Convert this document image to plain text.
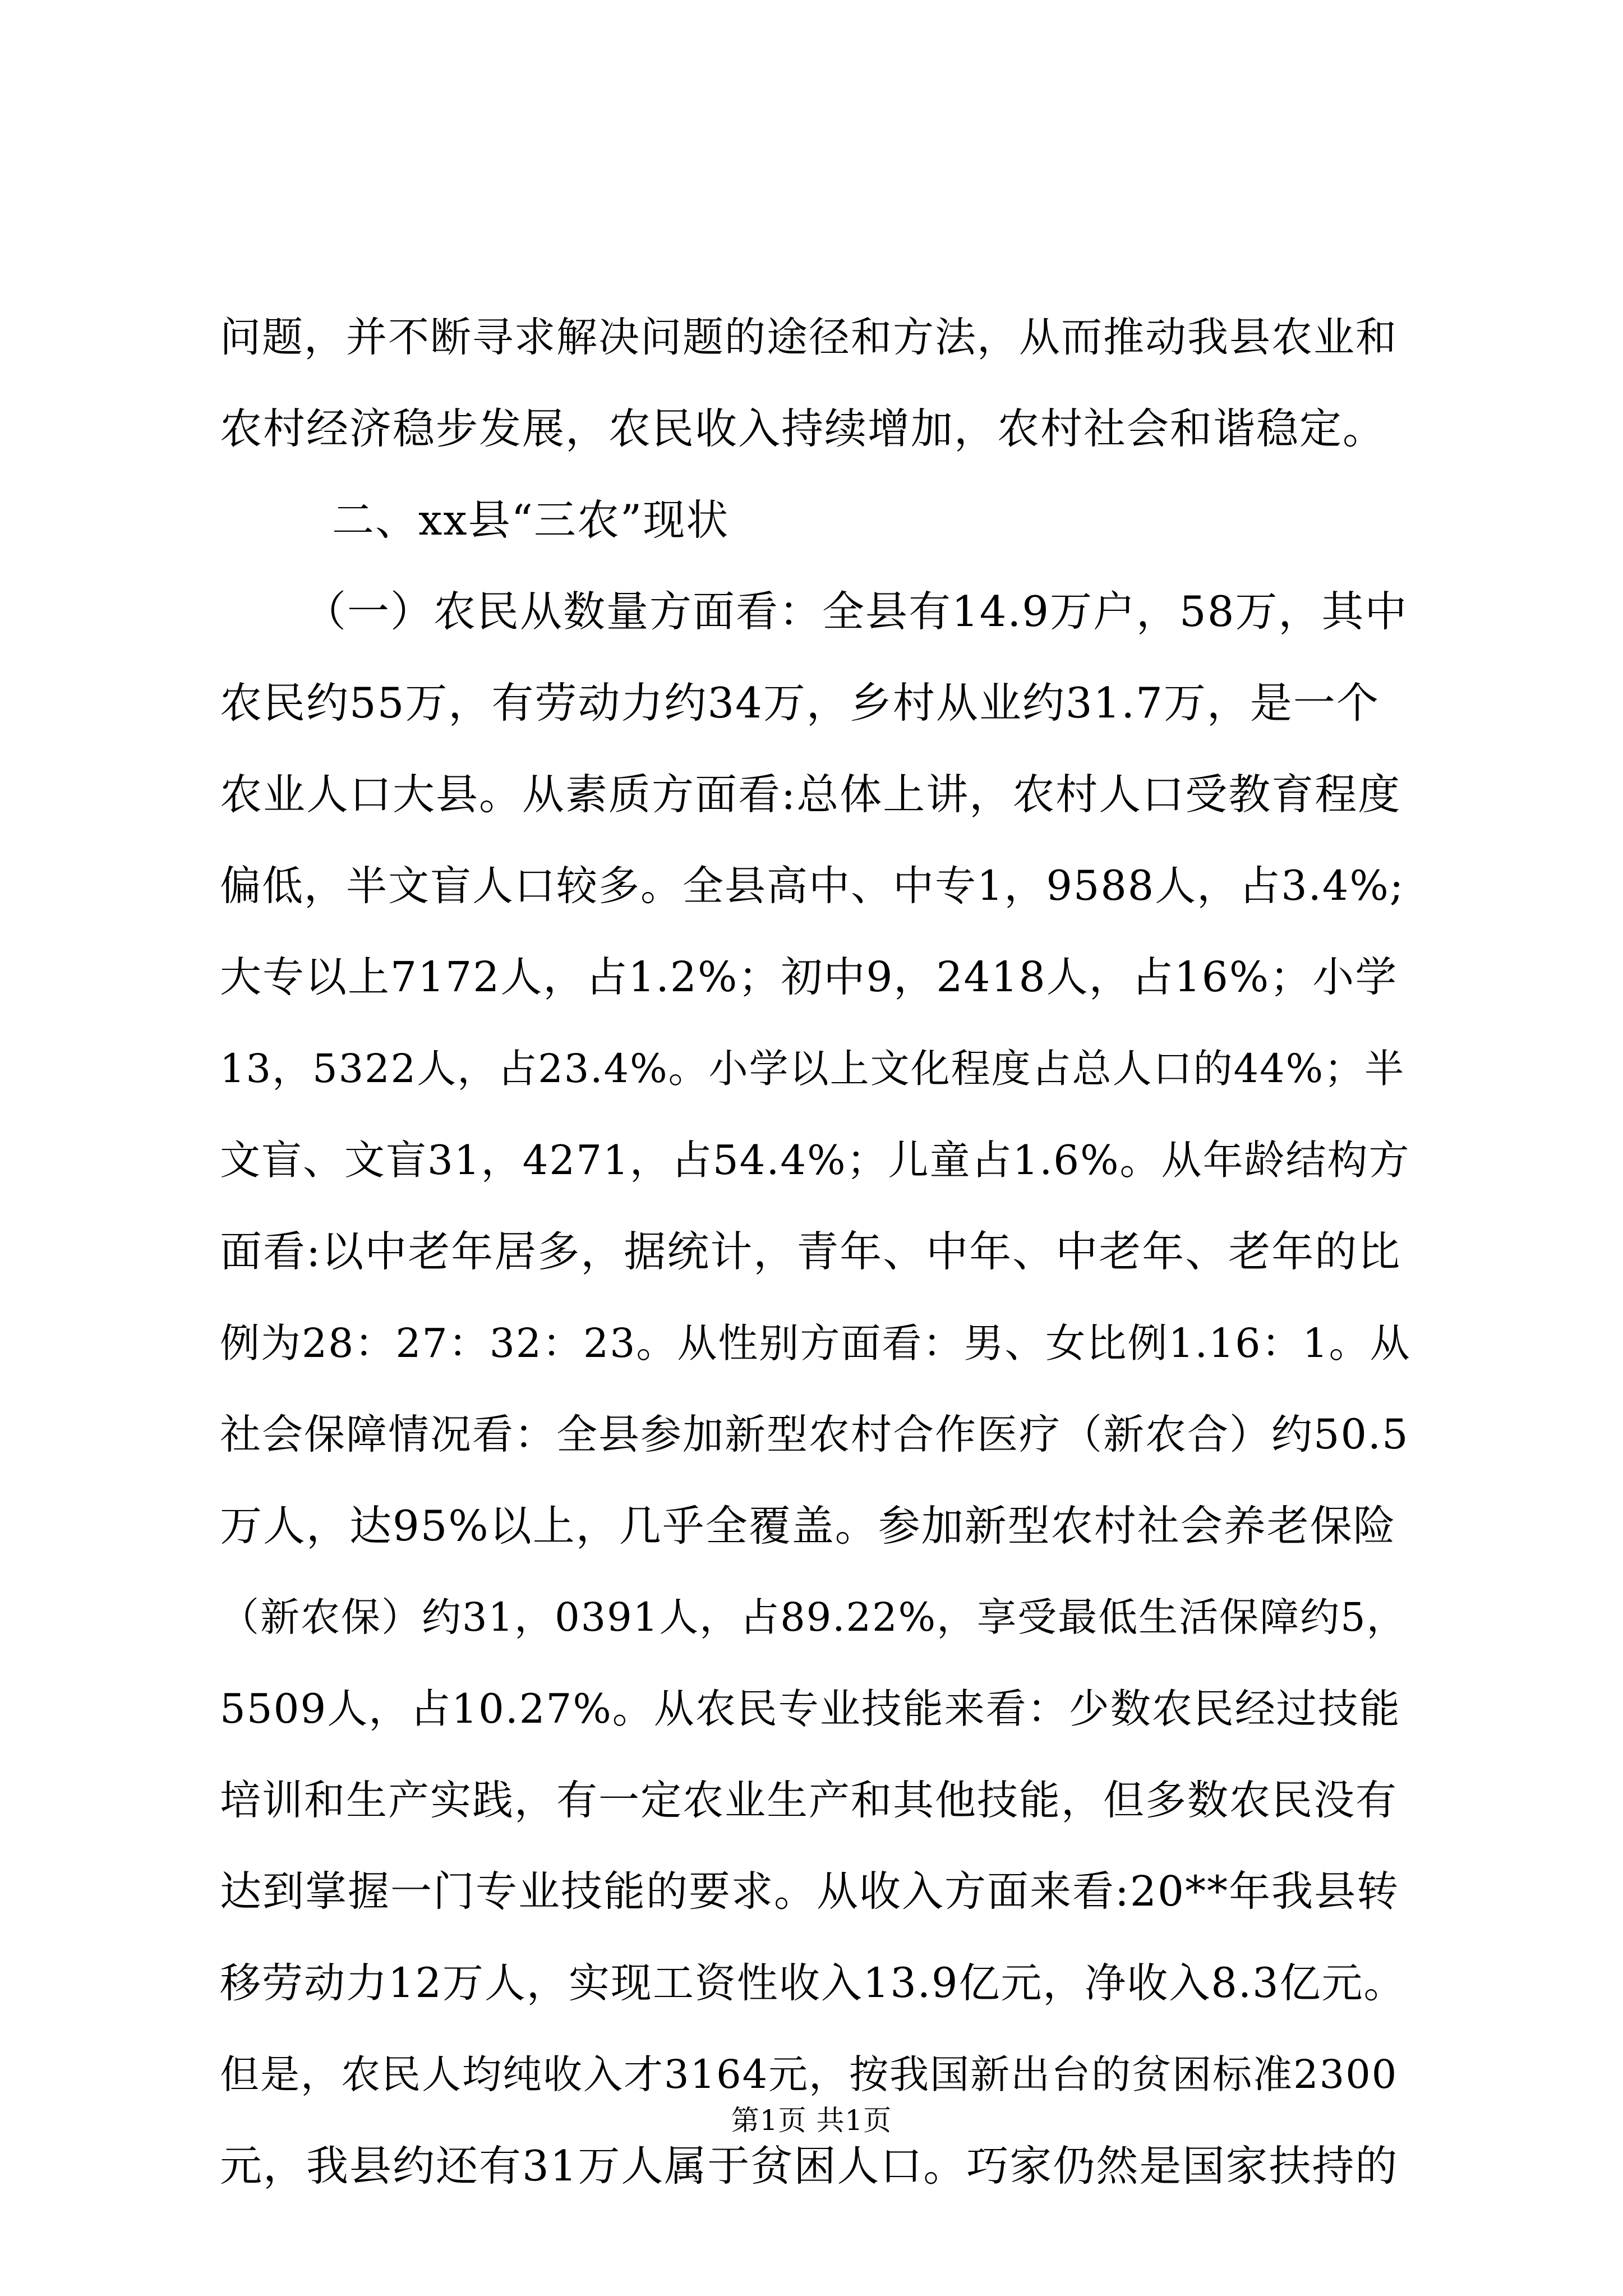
问题，并不断寻求解决问题的途径和方法，从而推动我县农业和
农村经济稳步发展，农民收入持续增加，农村社会和谐稳定。
二、xx县“三农”现状
（一）农民从数量方面看：全县有14.9万户，58万，其中
农民约55万，有劳动力约34万，乡村从业约31.7万，是一个
农业人口大县。从素质方面看:总体上讲，农村人口受教育程度
偏低，半文盲人口较多。全县高中、中专1，9588人，占3.4%;
大专以上7172人，占1.2%；初中9，2418人，占16%；小学
13，5322人，占23.4%。小学以上文化程度占总人口的44%；半
文盲、文盲31，4271，占54.4%；儿童占1.6%。从年龄结构方
面看:以中老年居多，据统计，青年、中年、中老年、老年的比
例为28：27：32：23。从性别方面看：男、女比例1.16：1。从
社会保障情况看：全县参加新型农村合作医疗（新农合）约50.5
万人，达95%以上，几乎全覆盖。参加新型农村社会养老保险
（新农保）约31，0391人，占89.22%，享受最低生活保障约5，
5509人，占10.27%。从农民专业技能来看：少数农民经过技能
培训和生产实践，有一定农业生产和其他技能，但多数农民没有
达到掌握一门专业技能的要求。从收入方面来看:20**年我县转
移劳动力12万人，实现工资性收入13.9亿元，净收入8.3亿元。
但是，农民人均纯收入才3164元，按我国新出台的贫困标准2300
元，我县约还有31万人属于贫困人口。巧家仍然是国家扶持的
第1页 共1页
